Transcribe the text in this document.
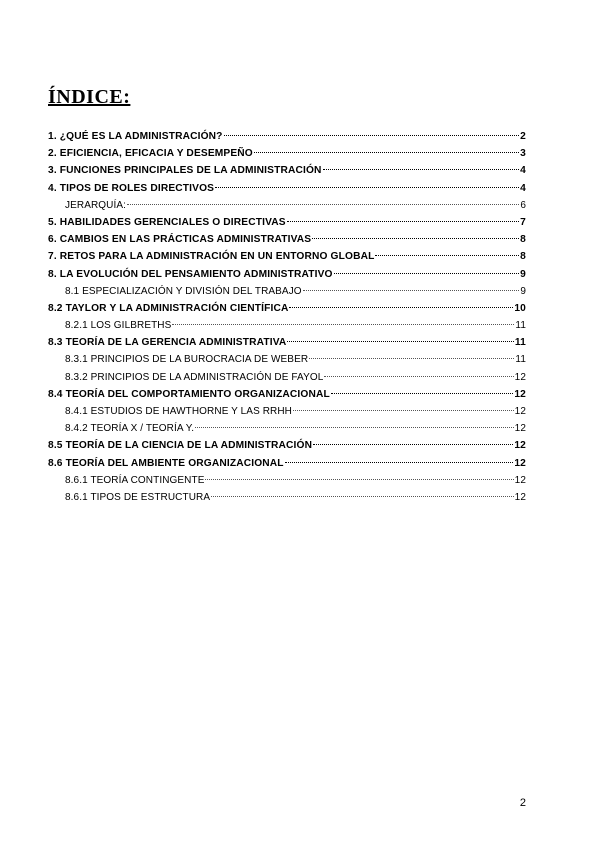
ÍNDICE:
1. ¿QUÉ ES LA ADMINISTRACIÓN?	2
2. EFICIENCIA, EFICACIA Y DESEMPEÑO	3
3. FUNCIONES PRINCIPALES DE LA ADMINISTRACIÓN	4
4. TIPOS DE ROLES DIRECTIVOS	4
JERARQUÍA:	6
5. HABILIDADES GERENCIALES O DIRECTIVAS	7
6. CAMBIOS EN LAS PRÁCTICAS ADMINISTRATIVAS	8
7. RETOS PARA LA ADMINISTRACIÓN EN UN ENTORNO GLOBAL	8
8. LA EVOLUCIÓN DEL PENSAMIENTO ADMINISTRATIVO	9
8.1 ESPECIALIZACIÓN Y DIVISIÓN DEL TRABAJO	9
8.2 TAYLOR Y LA ADMINISTRACIÓN CIENTÍFICA	10
8.2.1 LOS GILBRETHS	11
8.3 TEORÍA DE LA GERENCIA ADMINISTRATIVA	11
8.3.1 PRINCIPIOS DE LA BUROCRACIA DE WEBER	11
8.3.2 PRINCIPIOS DE LA ADMINISTRACIÓN DE FAYOL	12
8.4 TEORÍA DEL COMPORTAMIENTO ORGANIZACIONAL	12
8.4.1 ESTUDIOS DE HAWTHORNE Y LAS RRHH	12
8.4.2 TEORÍA X / TEORÍA Y.	12
8.5 TEORÍA DE LA CIENCIA DE LA ADMINISTRACIÓN	12
8.6 TEORÍA DEL AMBIENTE ORGANIZACIONAL	12
8.6.1 TEORÍA CONTINGENTE	12
8.6.1 TIPOS DE ESTRUCTURA	12
2
